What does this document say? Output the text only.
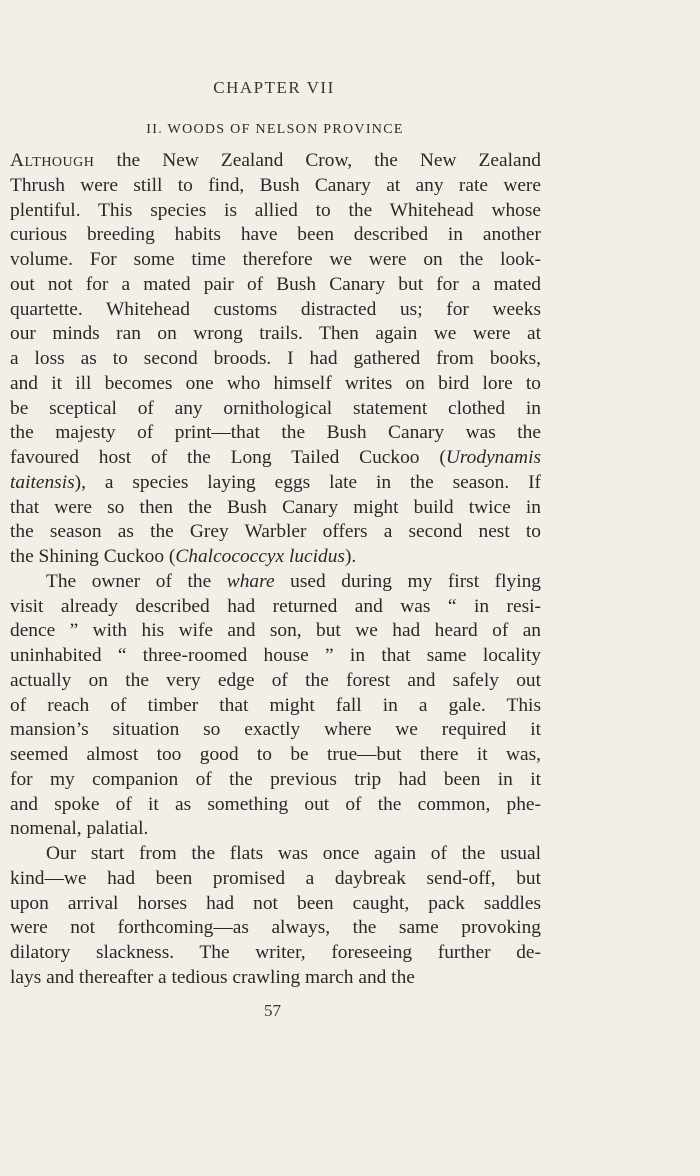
CHAPTER VII
II. WOODS OF NELSON PROVINCE
Although the New Zealand Crow, the New Zealand
Thrush were still to find, Bush Canary at any rate were
plentiful. This species is allied to the Whitehead whose
curious breeding habits have been described in another
volume. For some time therefore we were on the look-
out not for a mated pair of Bush Canary but for a mated
quartette. Whitehead customs distracted us; for weeks
our minds ran on wrong trails. Then again we were at
a loss as to second broods. I had gathered from books,
and it ill becomes one who himself writes on bird lore to
be sceptical of any ornithological statement clothed in
the majesty of print—that the Bush Canary was the
favoured host of the Long Tailed Cuckoo (Urodynamis
taitensis), a species laying eggs late in the season. If
that were so then the Bush Canary might build twice in
the season as the Grey Warbler offers a second nest to
the Shining Cuckoo (Chalcococcyx lucidus).
The owner of the whare used during my first flying
visit already described had returned and was “ in resi-
dence ” with his wife and son, but we had heard of an
uninhabited “ three-roomed house ” in that same locality
actually on the very edge of the forest and safely out
of reach of timber that might fall in a gale. This
mansion’s situation so exactly where we required it
seemed almost too good to be true—but there it was,
for my companion of the previous trip had been in it
and spoke of it as something out of the common, phe-
nomenal, palatial.
Our start from the flats was once again of the usual
kind—we had been promised a daybreak send-off, but
upon arrival horses had not been caught, pack saddles
were not forthcoming—as always, the same provoking
dilatory slackness. The writer, foreseeing further de-
lays and thereafter a tedious crawling march and the
57
